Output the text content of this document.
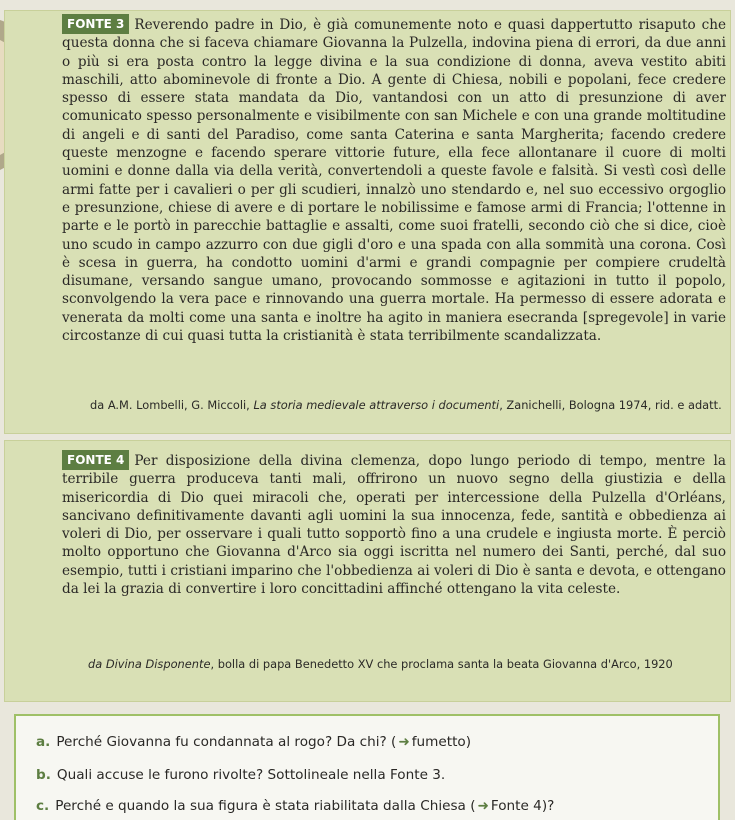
FONTE 3 Reverendo padre in Dio, è già comunemente noto e quasi dappertutto risaputo che questa donna che si faceva chiamare Giovanna la Pulzella, indovina piena di errori, da due anni o più si era posta contro la legge divina e la sua condizione di donna, aveva vestito abiti maschili, atto abominevole di fronte a Dio. A gente di Chiesa, nobili e popolani, fece credere spesso di essere stata mandata da Dio, vantandosi con un atto di presunzione di aver comunicato spesso personalmente e visibilmente con san Michele e con una grande moltitudine di angeli e di santi del Paradiso, come santa Caterina e santa Margherita; facendo credere queste menzogne e facendo sperare vittorie future, ella fece allontanare il cuore di molti uomini e donne dalla via della verità, convertendoli a queste favole e falsità. Si vestì così delle armi fatte per i cavalieri o per gli scudieri, innalzò uno stendardo e, nel suo eccessivo orgoglio e presunzione, chiese di avere e di portare le nobilissime e famose armi di Francia; l'ottenne in parte e le portò in parecchie battaglie e assalti, come suoi fratelli, secondo ciò che si dice, cioè uno scudo in campo azzurro con due gigli d'oro e una spada con alla sommità una corona. Così è scesa in guerra, ha condotto uomini d'armi e grandi compagnie per compiere crudeltà disumane, versando sangue umano, provocando sommosse e agitazioni in tutto il popolo, sconvolgendo la vera pace e rinnovando una guerra mortale. Ha permesso di essere adorata e venerata da molti come una santa e inoltre ha agito in maniera esecranda [spregevole] in varie circostanze di cui quasi tutta la cristianità è stata terribilmente scandalizzata.
da A.M. Lombelli, G. Miccoli, La storia medievale attraverso i documenti, Zanichelli, Bologna 1974, rid. e adatt.
FONTE 4 Per disposizione della divina clemenza, dopo lungo periodo di tempo, mentre la terribile guerra produceva tanti mali, offrirono un nuovo segno della giustizia e della misericordia di Dio quei miracoli che, operati per intercessione della Pulzella d'Orléans, sancivano definitivamente davanti agli uomini la sua innocenza, fede, santità e obbedienza ai voleri di Dio, per osservare i quali tutto sopportò fino a una crudele e ingiusta morte. È perciò molto opportuno che Giovanna d'Arco sia oggi iscritta nel numero dei Santi, perché, dal suo esempio, tutti i cristiani imparino che l'obbedienza ai voleri di Dio è santa e devota, e ottengano da lei la grazia di convertire i loro concittadini affinché ottengano la vita celeste.
da Divina Disponente, bolla di papa Benedetto XV che proclama santa la beata Giovanna d'Arco, 1920
a. Perché Giovanna fu condannata al rogo? Da chi? ( ➜ fumetto)
b. Quali accuse le furono rivolte? Sottolineale nella Fonte 3.
c. Perché e quando la sua figura è stata riabilitata dalla Chiesa ( ➜ Fonte 4)?
